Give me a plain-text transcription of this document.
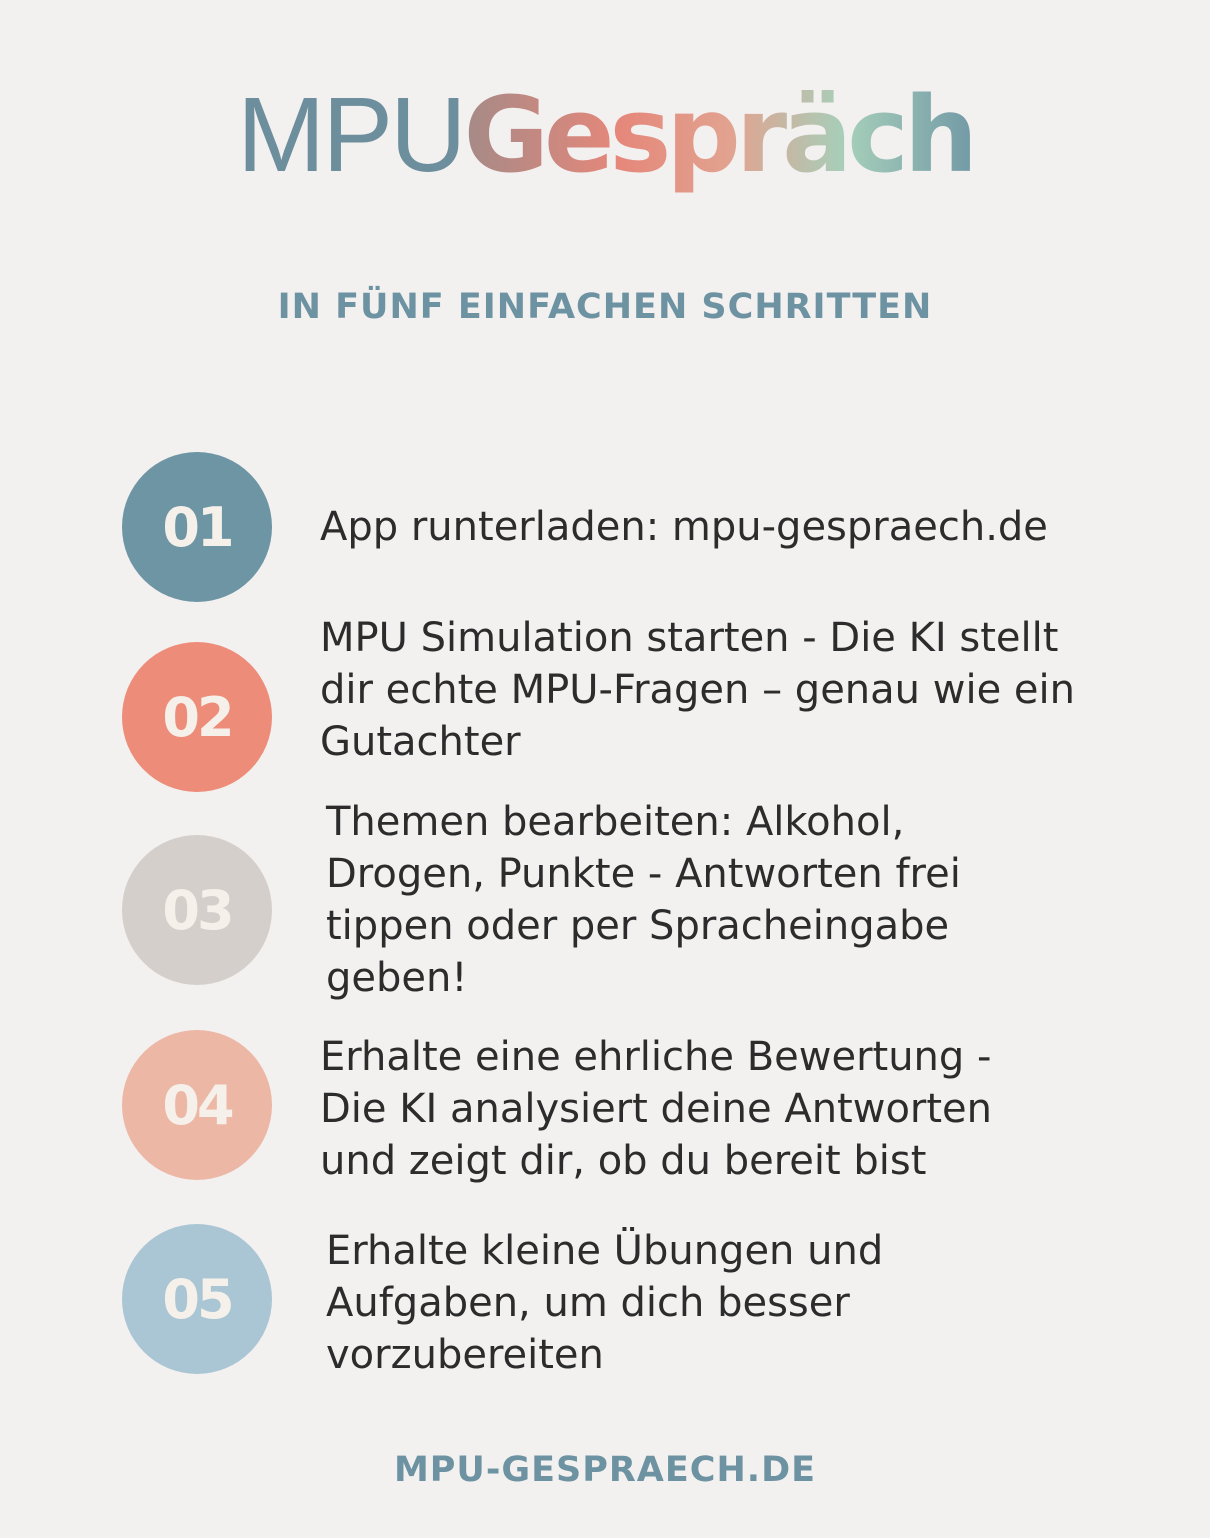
MPUGespräch
IN FÜNF EINFACHEN SCHRITTEN
01 App runterladen: mpu-gespraech.de
02
MPU Simulation starten - Die KI stellt
dir echte MPU-Fragen – genau wie ein
Gutachter
03
Themen bearbeiten: Alkohol,
Drogen, Punkte - Antworten frei
tippen oder per Spracheingabe
geben!
04
Erhalte eine ehrliche Bewertung -
Die KI analysiert deine Antworten
und zeigt dir, ob du bereit bist
05
Erhalte kleine Übungen und
Aufgaben, um dich besser
vorzubereiten
MPU-GESPRAECH.DE
